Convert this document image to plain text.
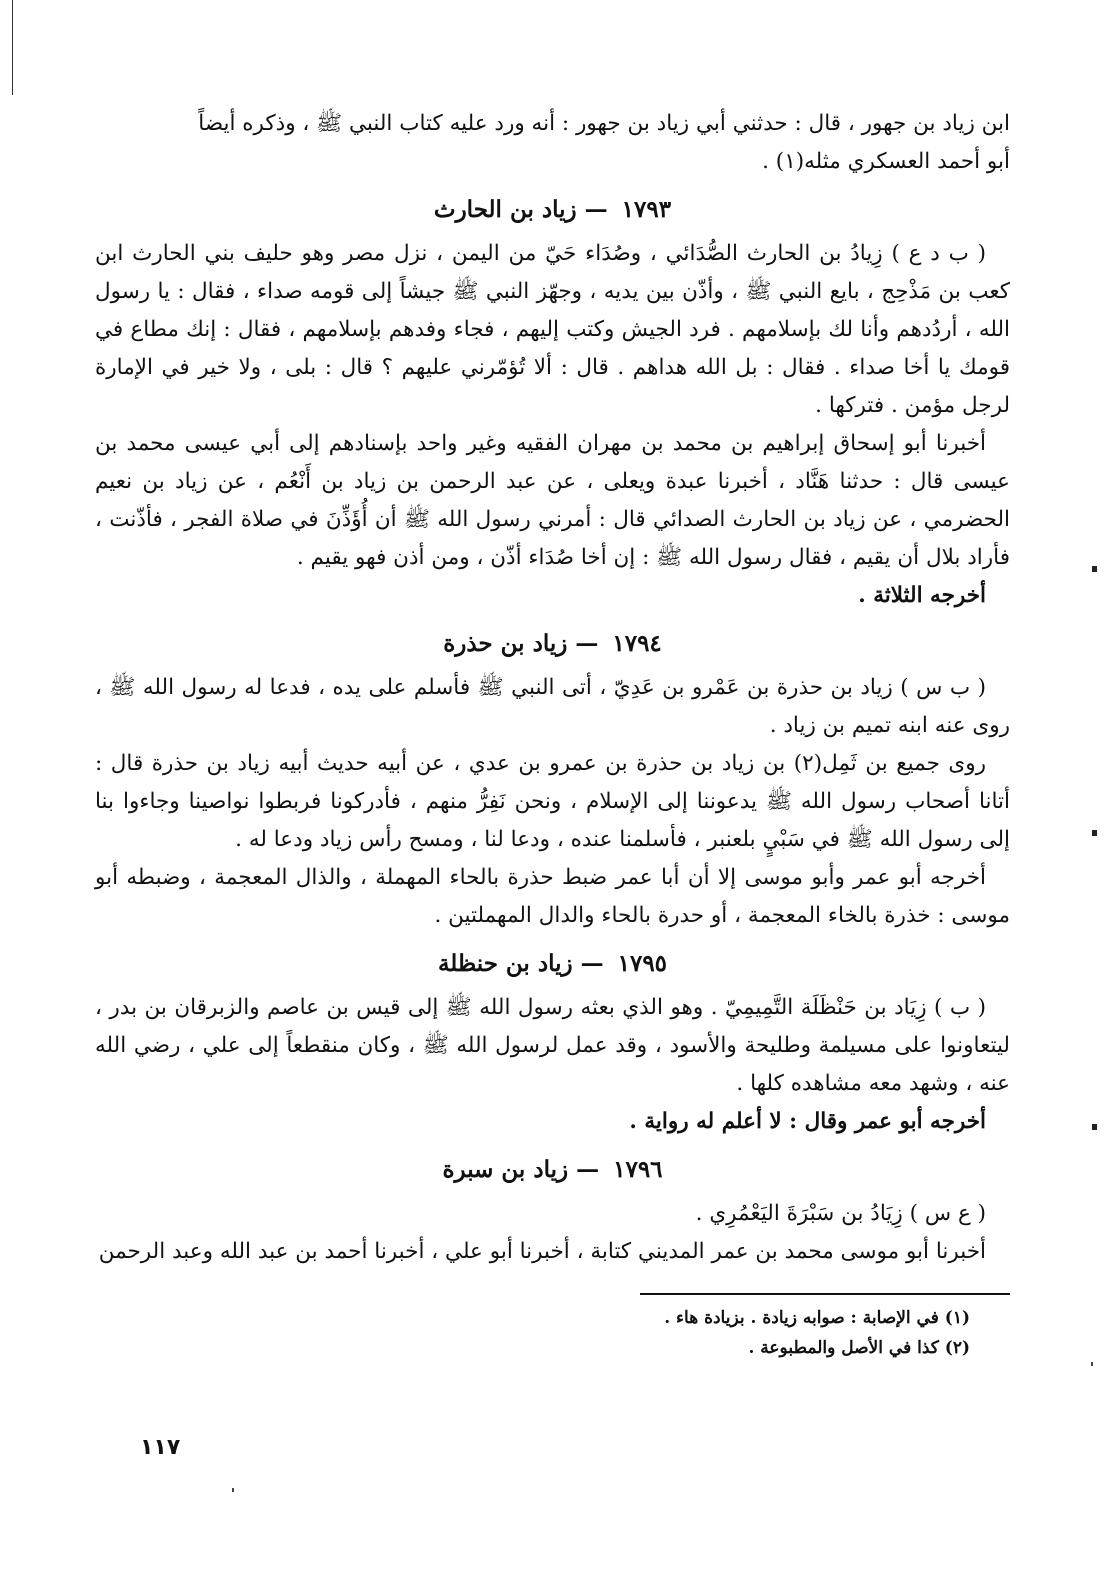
ابن زياد بن جهور ، قال : حدثني أبي زياد بن جهور : أنه ورد عليه كتاب النبي ﷺ ، وذكره أيضاً

أبو أحمد العسكري مثله(١) .

١٧٩٣ — زياد بن الحارث

( ب د ع ) زِيادُ بن الحارث الصُّدَائي ، وصُدَاء حَيّ من اليمن ، نزل مصر وهو حليف بني الحارث ابن كعب بن مَذْحِج ، بايع النبي ﷺ ، وأذّن بين يديه ، وجهّز النبي ﷺ جيشاً إلى قومه صداء ، فقال : يا رسول الله ، أردُدهم وأنا لك بإسلامهم . فرد الجيش وكتب إليهم ، فجاء وفدهم بإسلامهم ، فقال : إنك مطاع في قومك يا أخا صداء . فقال : بل الله هداهم . قال : ألا تُؤمّرني عليهم ؟ قال : بلى ، ولا خير في الإمارة لرجل مؤمن . فتركها .

أخبرنا أبو إسحاق إبراهيم بن محمد بن مهران الفقيه وغير واحد بإسنادهم إلى أبي عيسى محمد بن عيسى قال : حدثنا هَنَّاد ، أخبرنا عبدة ويعلى ، عن عبد الرحمن بن زياد بن أَنْعُم ، عن زياد بن نعيم الحضرمي ، عن زياد بن الحارث الصدائي قال : أمرني رسول الله ﷺ أن أُؤَذِّنَ في صلاة الفجر ، فأذّنت ، فأراد بلال أن يقيم ، فقال رسول الله ﷺ : إن أخا صُدَاء أذّن ، ومن أذن فهو يقيم .

أخرجه الثلاثة .

١٧٩٤ — زياد بن حذرة

( ب س ) زياد بن حذرة بن عَمْرو بن عَدِيّ ، أتى النبي ﷺ فأسلم على يده ، فدعا له رسول الله ﷺ ، روى عنه ابنه تميم بن زياد .

روى جميع بن ثَمِل(٢) بن زياد بن حذرة بن عمرو بن عدي ، عن أبيه حديث أبيه زياد بن حذرة قال : أتانا أصحاب رسول الله ﷺ يدعوننا إلى الإسلام ، ونحن نَفِرُّ منهم ، فأدركونا فربطوا نواصينا وجاءوا بنا إلى رسول الله ﷺ في سَبْيٍ بلعنبر ، فأسلمنا عنده ، ودعا لنا ، ومسح رأس زياد ودعا له .

أخرجه أبو عمر وأبو موسى إلا أن أبا عمر ضبط حذرة بالحاء المهملة ، والذال المعجمة ، وضبطه أبو موسى : خذرة بالخاء المعجمة ، أو حدرة بالحاء والدال المهملتين .

١٧٩٥ — زياد بن حنظلة

( ب ) زِيَاد بن حَنْظَلَة التَّمِيمِيّ . وهو الذي بعثه رسول الله ﷺ إلى قيس بن عاصم والزبرقان بن بدر ، ليتعاونوا على مسيلمة وطليحة والأسود ، وقد عمل لرسول الله ﷺ ، وكان منقطعاً إلى علي ، رضي الله عنه ، وشهد معه مشاهده كلها .

أخرجه أبو عمر وقال : لا أعلم له رواية .

١٧٩٦ — زياد بن سبرة

( ع س ) زِيَادُ بن سَبْرَةَ اليَعْمُرِي .

أخبرنا أبو موسى محمد بن عمر المديني كتابة ، أخبرنا أبو علي ، أخبرنا أحمد بن عبد الله وعبد الرحمن

(١) في الإصابة : صوابه زيادة . بزيادة هاء .

(٢) كذا في الأصل والمطبوعة .

١١٧
